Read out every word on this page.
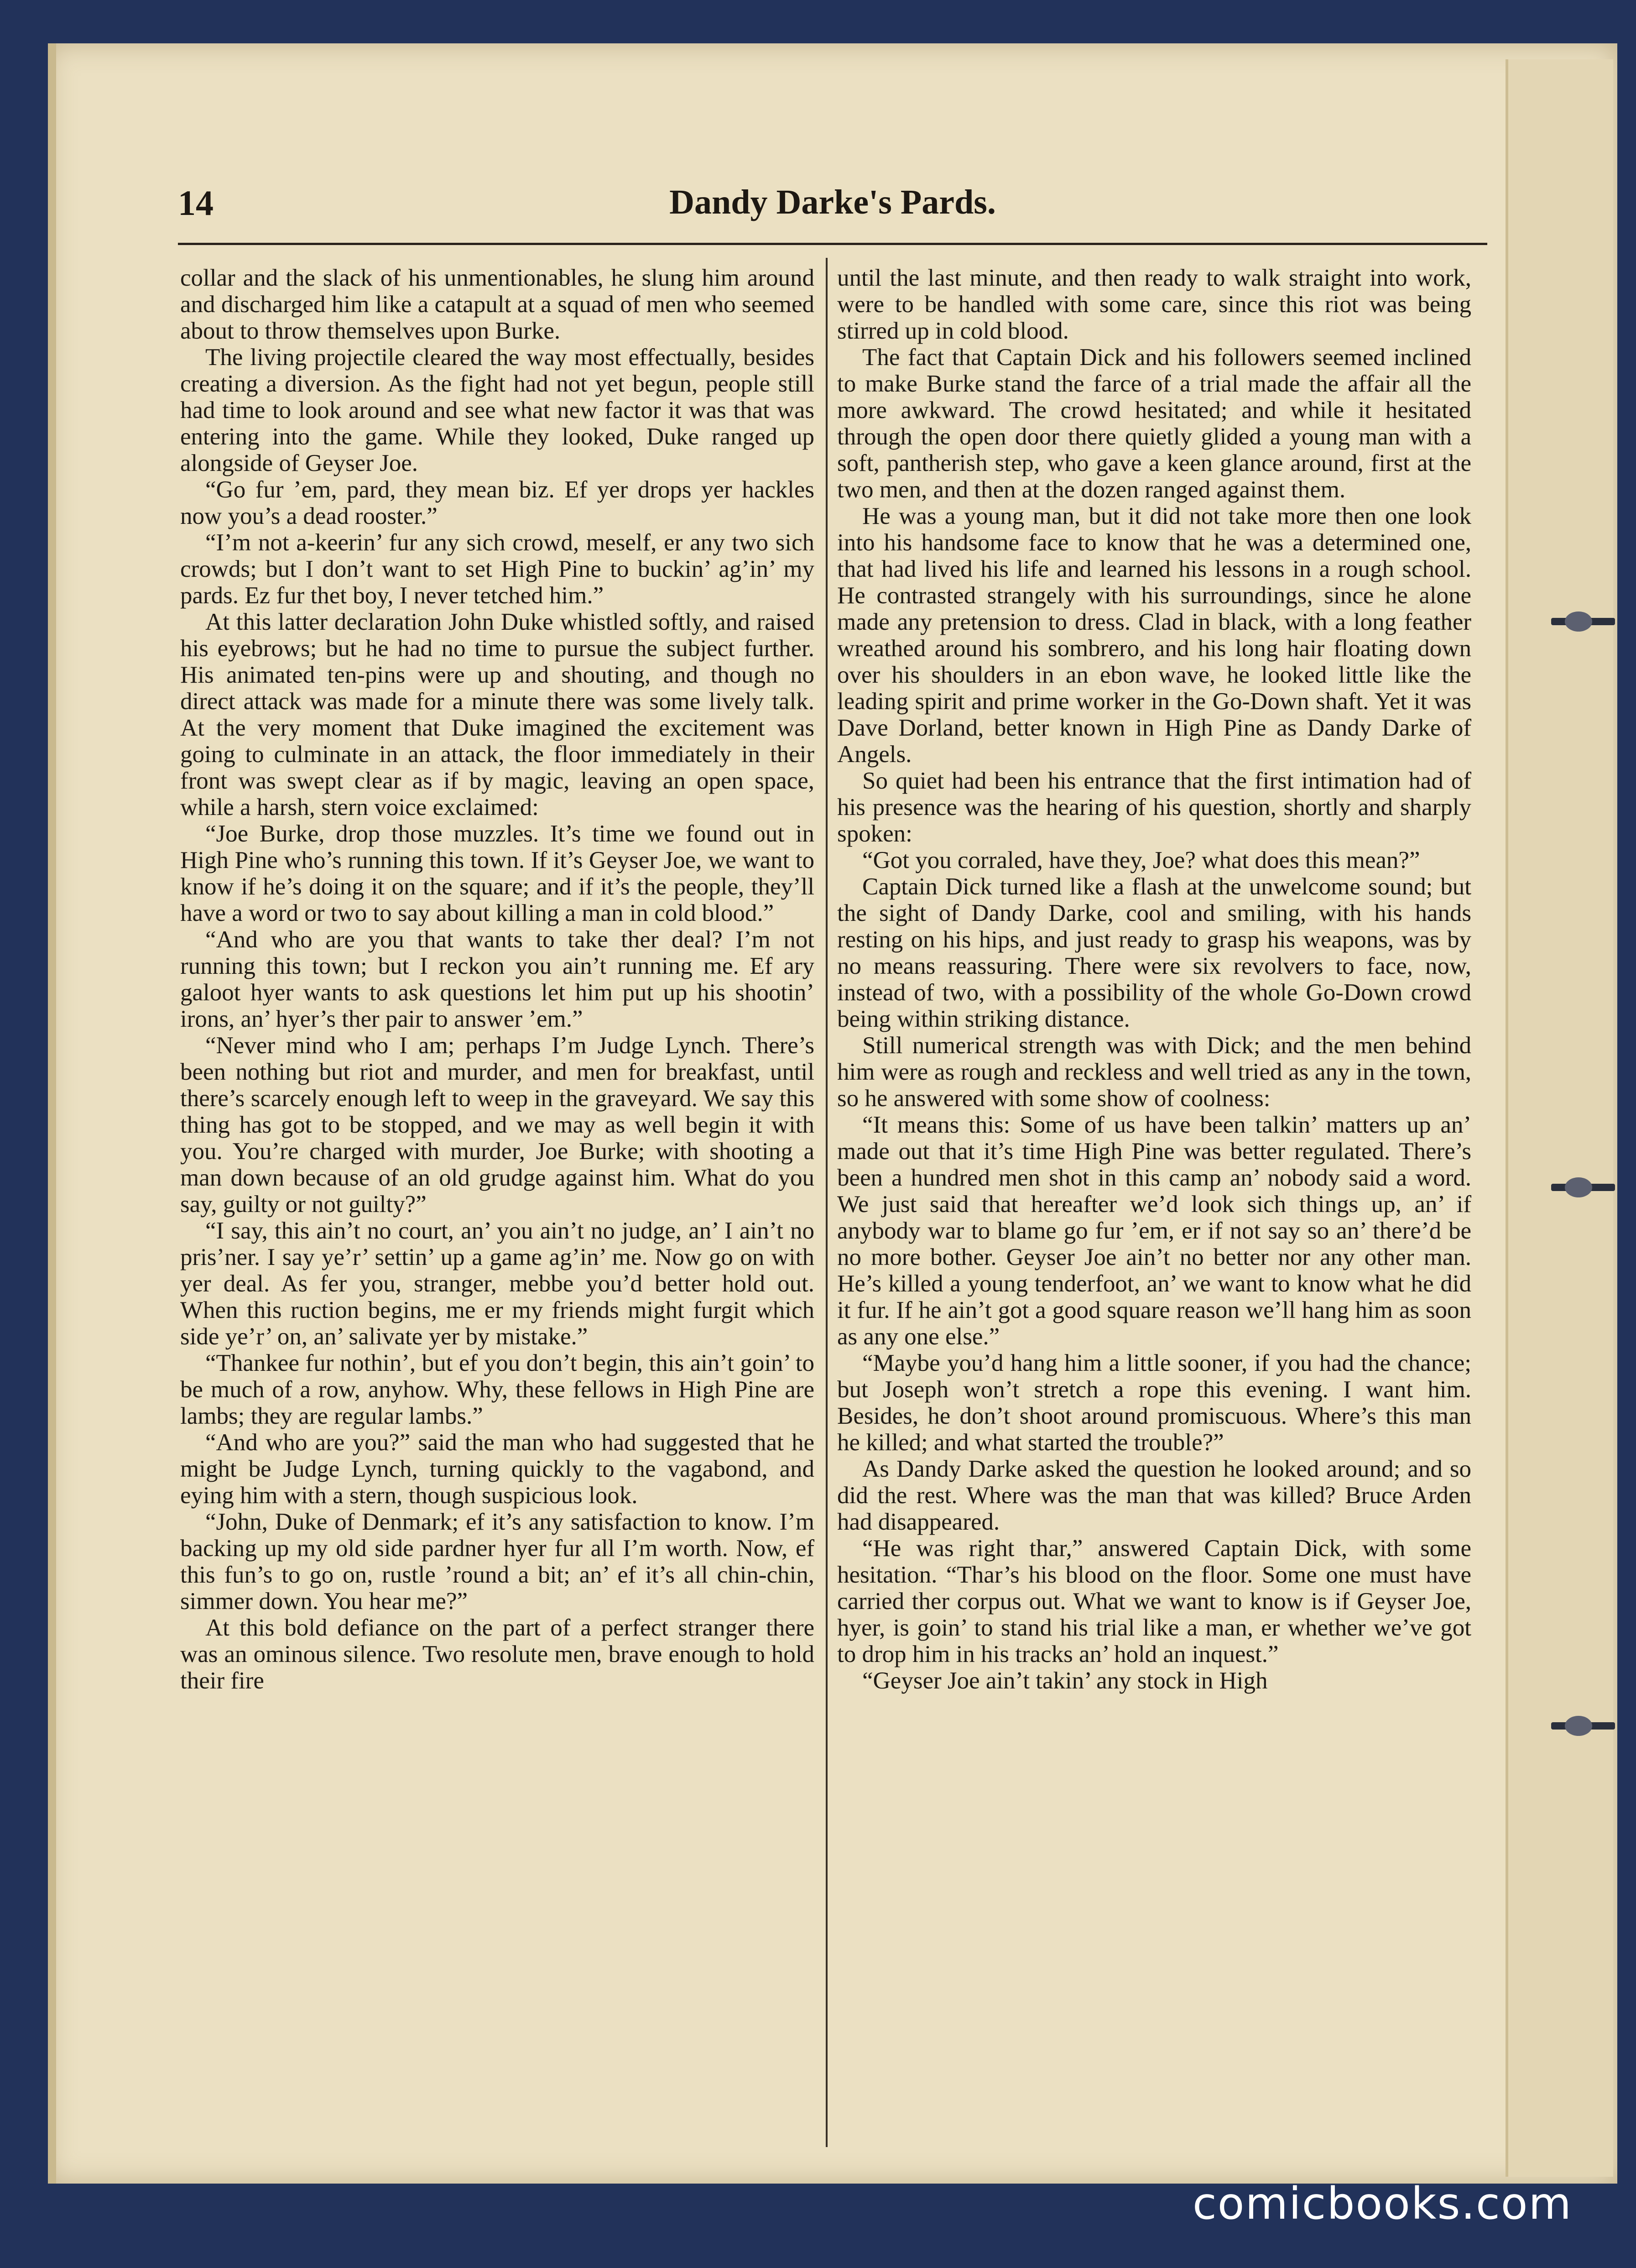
14	Dandy Darke's Pards.

collar and the slack of his unmentionables, he slung him around and discharged him like a catapult at a squad of men who seemed about to throw themselves upon Burke.

The living projectile cleared the way most effectually, besides creating a diversion. As the fight had not yet begun, people still had time to look around and see what new factor it was that was entering into the game. While they looked, Duke ranged up alongside of Geyser Joe.

“Go fur ’em, pard, they mean biz. Ef yer drops yer hackles now you’s a dead rooster.”

“I’m not a-keerin’ fur any sich crowd, meself, er any two sich crowds; but I don’t want to set High Pine to buckin’ ag’in’ my pards. Ez fur thet boy, I never tetched him.”

At this latter declaration John Duke whistled softly, and raised his eyebrows; but he had no time to pursue the subject further. His animated ten-pins were up and shouting, and though no direct attack was made for a minute there was some lively talk. At the very moment that Duke imagined the excitement was going to culminate in an attack, the floor immediately in their front was swept clear as if by magic, leaving an open space, while a harsh, stern voice exclaimed:

“Joe Burke, drop those muzzles. It’s time we found out in High Pine who’s running this town. If it’s Geyser Joe, we want to know if he’s doing it on the square; and if it’s the people, they’ll have a word or two to say about killing a man in cold blood.”

“And who are you that wants to take ther deal? I’m not running this town; but I reckon you ain’t running me. Ef ary galoot hyer wants to ask questions let him put up his shootin’ irons, an’ hyer’s ther pair to answer ’em.”

“Never mind who I am; perhaps I’m Judge Lynch. There’s been nothing but riot and murder, and men for breakfast, until there’s scarcely enough left to weep in the graveyard. We say this thing has got to be stopped, and we may as well begin it with you. You’re charged with murder, Joe Burke; with shooting a man down because of an old grudge against him. What do you say, guilty or not guilty?”

“I say, this ain’t no court, an’ you ain’t no judge, an’ I ain’t no pris’ner. I say ye’r’ settin’ up a game ag’in’ me. Now go on with yer deal. As fer you, stranger, mebbe you’d better hold out. When this ruction begins, me er my friends might furgit which side ye’r’ on, an’ salivate yer by mistake.”

“Thankee fur nothin’, but ef you don’t begin, this ain’t goin’ to be much of a row, anyhow. Why, these fellows in High Pine are lambs; they are regular lambs.”

“And who are you?” said the man who had suggested that he might be Judge Lynch, turning quickly to the vagabond, and eying him with a stern, though suspicious look.

“John, Duke of Denmark; ef it’s any satisfaction to know. I’m backing up my old side pardner hyer fur all I’m worth. Now, ef this fun’s to go on, rustle ’round a bit; an’ ef it’s all chin-chin, simmer down. You hear me?”

At this bold defiance on the part of a perfect stranger there was an ominous silence. Two resolute men, brave enough to hold their fire

until the last minute, and then ready to walk straight into work, were to be handled with some care, since this riot was being stirred up in cold blood.

The fact that Captain Dick and his followers seemed inclined to make Burke stand the farce of a trial made the affair all the more awkward. The crowd hesitated; and while it hesitated through the open door there quietly glided a young man with a soft, pantherish step, who gave a keen glance around, first at the two men, and then at the dozen ranged against them.

He was a young man, but it did not take more then one look into his handsome face to know that he was a determined one, that had lived his life and learned his lessons in a rough school. He contrasted strangely with his surroundings, since he alone made any pretension to dress. Clad in black, with a long feather wreathed around his sombrero, and his long hair floating down over his shoulders in an ebon wave, he looked little like the leading spirit and prime worker in the Go-Down shaft. Yet it was Dave Dorland, better known in High Pine as Dandy Darke of Angels.

So quiet had been his entrance that the first intimation had of his presence was the hearing of his question, shortly and sharply spoken:

“Got you corraled, have they, Joe? what does this mean?”

Captain Dick turned like a flash at the unwelcome sound; but the sight of Dandy Darke, cool and smiling, with his hands resting on his hips, and just ready to grasp his weapons, was by no means reassuring. There were six revolvers to face, now, instead of two, with a possibility of the whole Go-Down crowd being within striking distance.

Still numerical strength was with Dick; and the men behind him were as rough and reckless and well tried as any in the town, so he answered with some show of coolness:

“It means this: Some of us have been talkin’ matters up an’ made out that it’s time High Pine was better regulated. There’s been a hundred men shot in this camp an’ nobody said a word. We just said that hereafter we’d look sich things up, an’ if anybody war to blame go fur ’em, er if not say so an’ there’d be no more bother. Geyser Joe ain’t no better nor any other man. He’s killed a young tenderfoot, an’ we want to know what he did it fur. If he ain’t got a good square reason we’ll hang him as soon as any one else.”

“Maybe you’d hang him a little sooner, if you had the chance; but Joseph won’t stretch a rope this evening. I want him. Besides, he don’t shoot around promiscuous. Where’s this man he killed; and what started the trouble?”

As Dandy Darke asked the question he looked around; and so did the rest. Where was the man that was killed? Bruce Arden had disappeared.

“He was right thar,” answered Captain Dick, with some hesitation. “Thar’s his blood on the floor. Some one must have carried ther corpus out. What we want to know is if Geyser Joe, hyer, is goin’ to stand his trial like a man, er whether we’ve got to drop him in his tracks an’ hold an inquest.”

“Geyser Joe ain’t takin’ any stock in High

comicbooks.com
